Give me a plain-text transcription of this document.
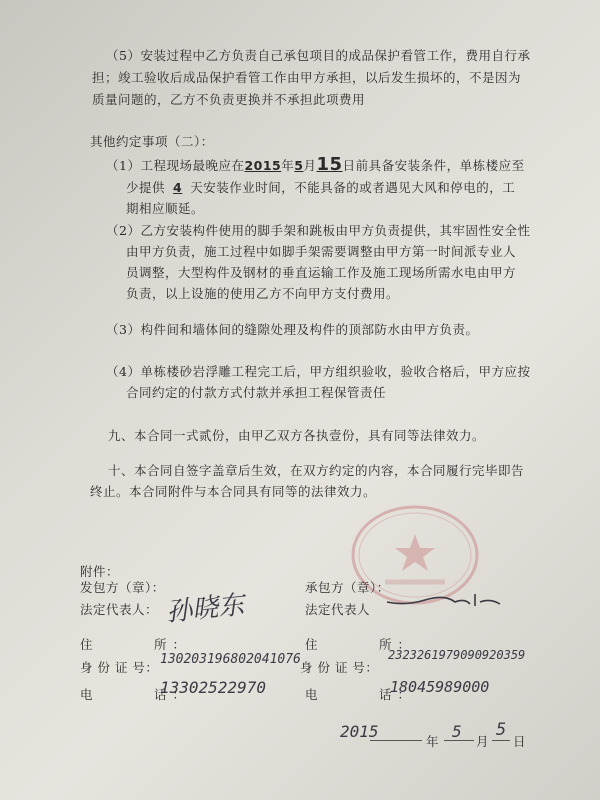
（5）安装过程中乙方负责自己承包项目的成品保护看管工作，费用自行承
担；竣工验收后成品保护看管工作由甲方承担，以后发生损坏的，不是因为
质量问题的，乙方不负责更换并不承担此项费用
其他约定事项（二）：
（1）工程现场最晚应在2015年5月15日前具备安装条件，单栋楼应至
少提供 4 天安装作业时间，不能具备的或者遇见大风和停电的，工
期相应顺延。
（2）乙方安装构件使用的脚手架和跳板由甲方负责提供，其牢固性安全性
由甲方负责，施工过程中如脚手架需要调整由甲方第一时间派专业人
员调整，大型构件及钢材的垂直运输工作及施工现场所需水电由甲方
负责，以上设施的使用乙方不向甲方支付费用。
（3）构件间和墙体间的缝隙处理及构件的顶部防水由甲方负责。
（4）单栋楼砂岩浮雕工程完工后，甲方组织验收，验收合格后，甲方应按
合同约定的付款方式付款并承担工程保管责任
九、本合同一式贰份，由甲乙双方各执壹份，具有同等法律效力。
十、本合同自签字盖章后生效，在双方约定的内容，本合同履行完毕即告
终止。本合同附件与本合同具有同等的法律效力。
附件：
发包方（章）：
法定代表人： 孙晓东
住　　　所：
身 份 证 号：
130203196802041076
电　　　话：
13302522970
承包方（章）：
法定代表人
住　　　所：
身 份 证 号：
2323261979090920359
电　　　话：
18045989000
2015
年
5
月
5
日
